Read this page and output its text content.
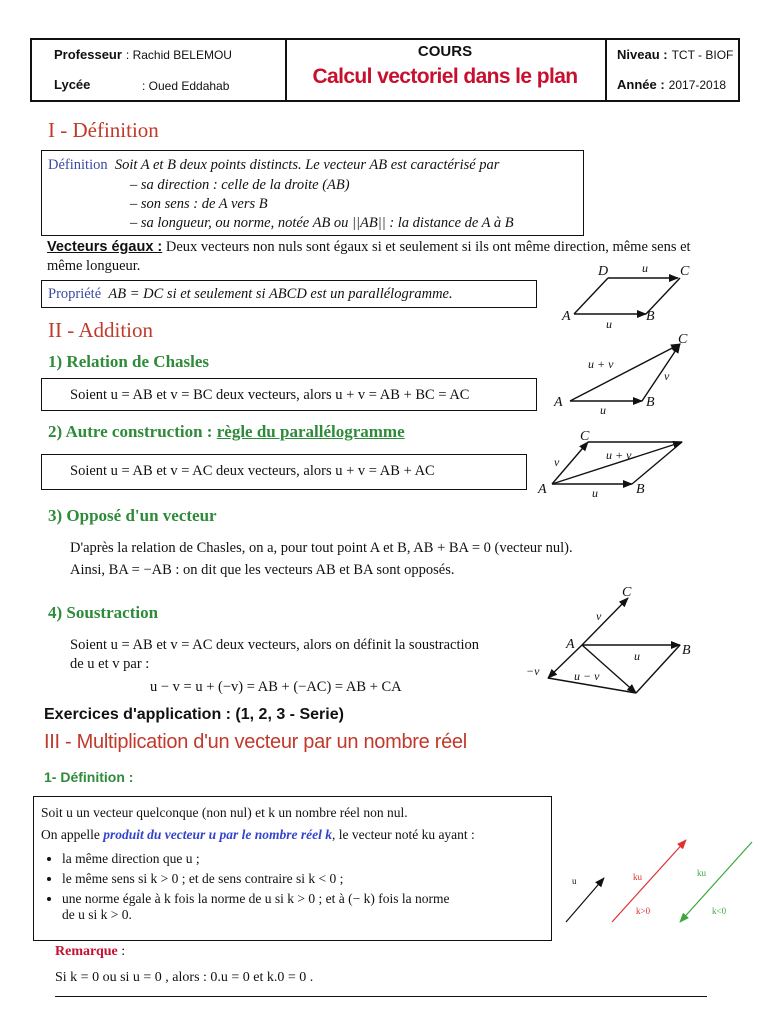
Professeur : Rachid BELEMOU
Lycée	: Oued Eddahab
COURS
Calcul vectoriel dans le plan
Niveau : TCT - BIOF
Année : 2017-2018
I - Définition
Définition Soit A et B deux points distincts. Le vecteur AB est caractérisé par
– sa direction : celle de la droite (AB)
– son sens : de A vers B
– sa longueur, ou norme, notée AB ou ||AB|| : la distance de A à B
Vecteurs égaux : Deux vecteurs non nuls sont égaux si et seulement si ils ont même direction, même sens et même longueur.
Propriété AB = DC si et seulement si ABCD est un parallélogramme.
II - Addition
1) Relation de Chasles
Soient u = AB et v = BC deux vecteurs, alors u + v = AB + BC = AC
2) Autre construction : règle du parallélogramme
Soient u = AB et v = AC deux vecteurs, alors u + v = AB + AC
3) Opposé d'un vecteur
D'après la relation de Chasles, on a, pour tout point A et B, AB + BA = 0 (vecteur nul).
Ainsi, BA = −AB : on dit que les vecteurs AB et BA sont opposés.
4) Soustraction
Soient u = AB et v = AC deux vecteurs, alors on définit la soustraction
de u et v par :
u − v = u + (−v) = AB + (−AC) = AB + CA
Exercices d'application : (1, 2, 3 - Serie)
III - Multiplication d'un vecteur par un nombre réel
1- Définition :
Soit u un vecteur quelconque (non nul) et k un nombre réel non nul.
On appelle produit du vecteur u par le nombre réel k, le vecteur noté ku ayant :
• la même direction que u ;
• le même sens si k > 0 ; et de sens contraire si k < 0 ;
• une norme égale à k fois la norme de u si k > 0 ; et à (− k) fois la norme
de u si k > 0.
Remarque :
Si k = 0 ou si u = 0 , alors : 0.u = 0 et k.0 = 0 .
D	u C
A	u B
C
u + v
v
A	u	B
C
u + v
v
A	u	B
C
v
A	B
u
−v	u − v
u	ku
k>0
ku
k<0
